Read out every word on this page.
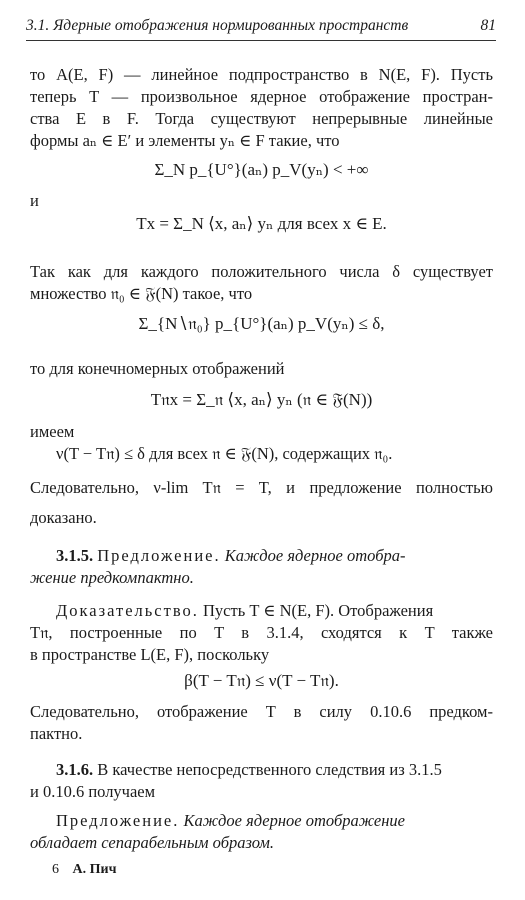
3.1. Ядерные отображения нормированных пространств	81
то A(E, F) — линейное подпространство в N(E, F). Пусть
теперь T — произвольное ядерное отображение простран-
ства E в F. Тогда существуют непрерывные линейные
формы aₙ ∈ E′ и элементы yₙ ∈ F такие, что
Σ_N p_{U°}(aₙ) p_V(yₙ) < +∞
и
Tx = Σ_N ⟨x, aₙ⟩ yₙ для всех x ∈ E.
Так как для каждого положительного числа δ существует
множество 𝔫₀ ∈ 𝔉(N) такое, что
Σ_{N∖𝔫₀} p_{U°}(aₙ) p_V(yₙ) ≤ δ,
то для конечномерных отображений
T𝔫x = Σ_𝔫 ⟨x, aₙ⟩ yₙ (𝔫 ∈ 𝔉(N))
имеем
ν(T − T𝔫) ≤ δ для всех 𝔫 ∈ 𝔉(N), содержащих 𝔫₀.
Следовательно, ν-lim T𝔫 = T, и предложение полностью
доказано.
3.1.5. Предложение. Каждое ядерное отобра-
жение предкомпактно.
Доказательство. Пусть T ∈ N(E, F). Отображения
T𝔫, построенные по T в 3.1.4, сходятся к T также
в пространстве L(E, F), поскольку
β(T − T𝔫) ≤ ν(T − T𝔫).
Следовательно, отображение T в силу 0.10.6 предком-
пактно.
3.1.6. В качестве непосредственного следствия из 3.1.5
и 0.10.6 получаем
Предложение. Каждое ядерное отображение
обладает сепарабельным образом.
6 А. Пич
